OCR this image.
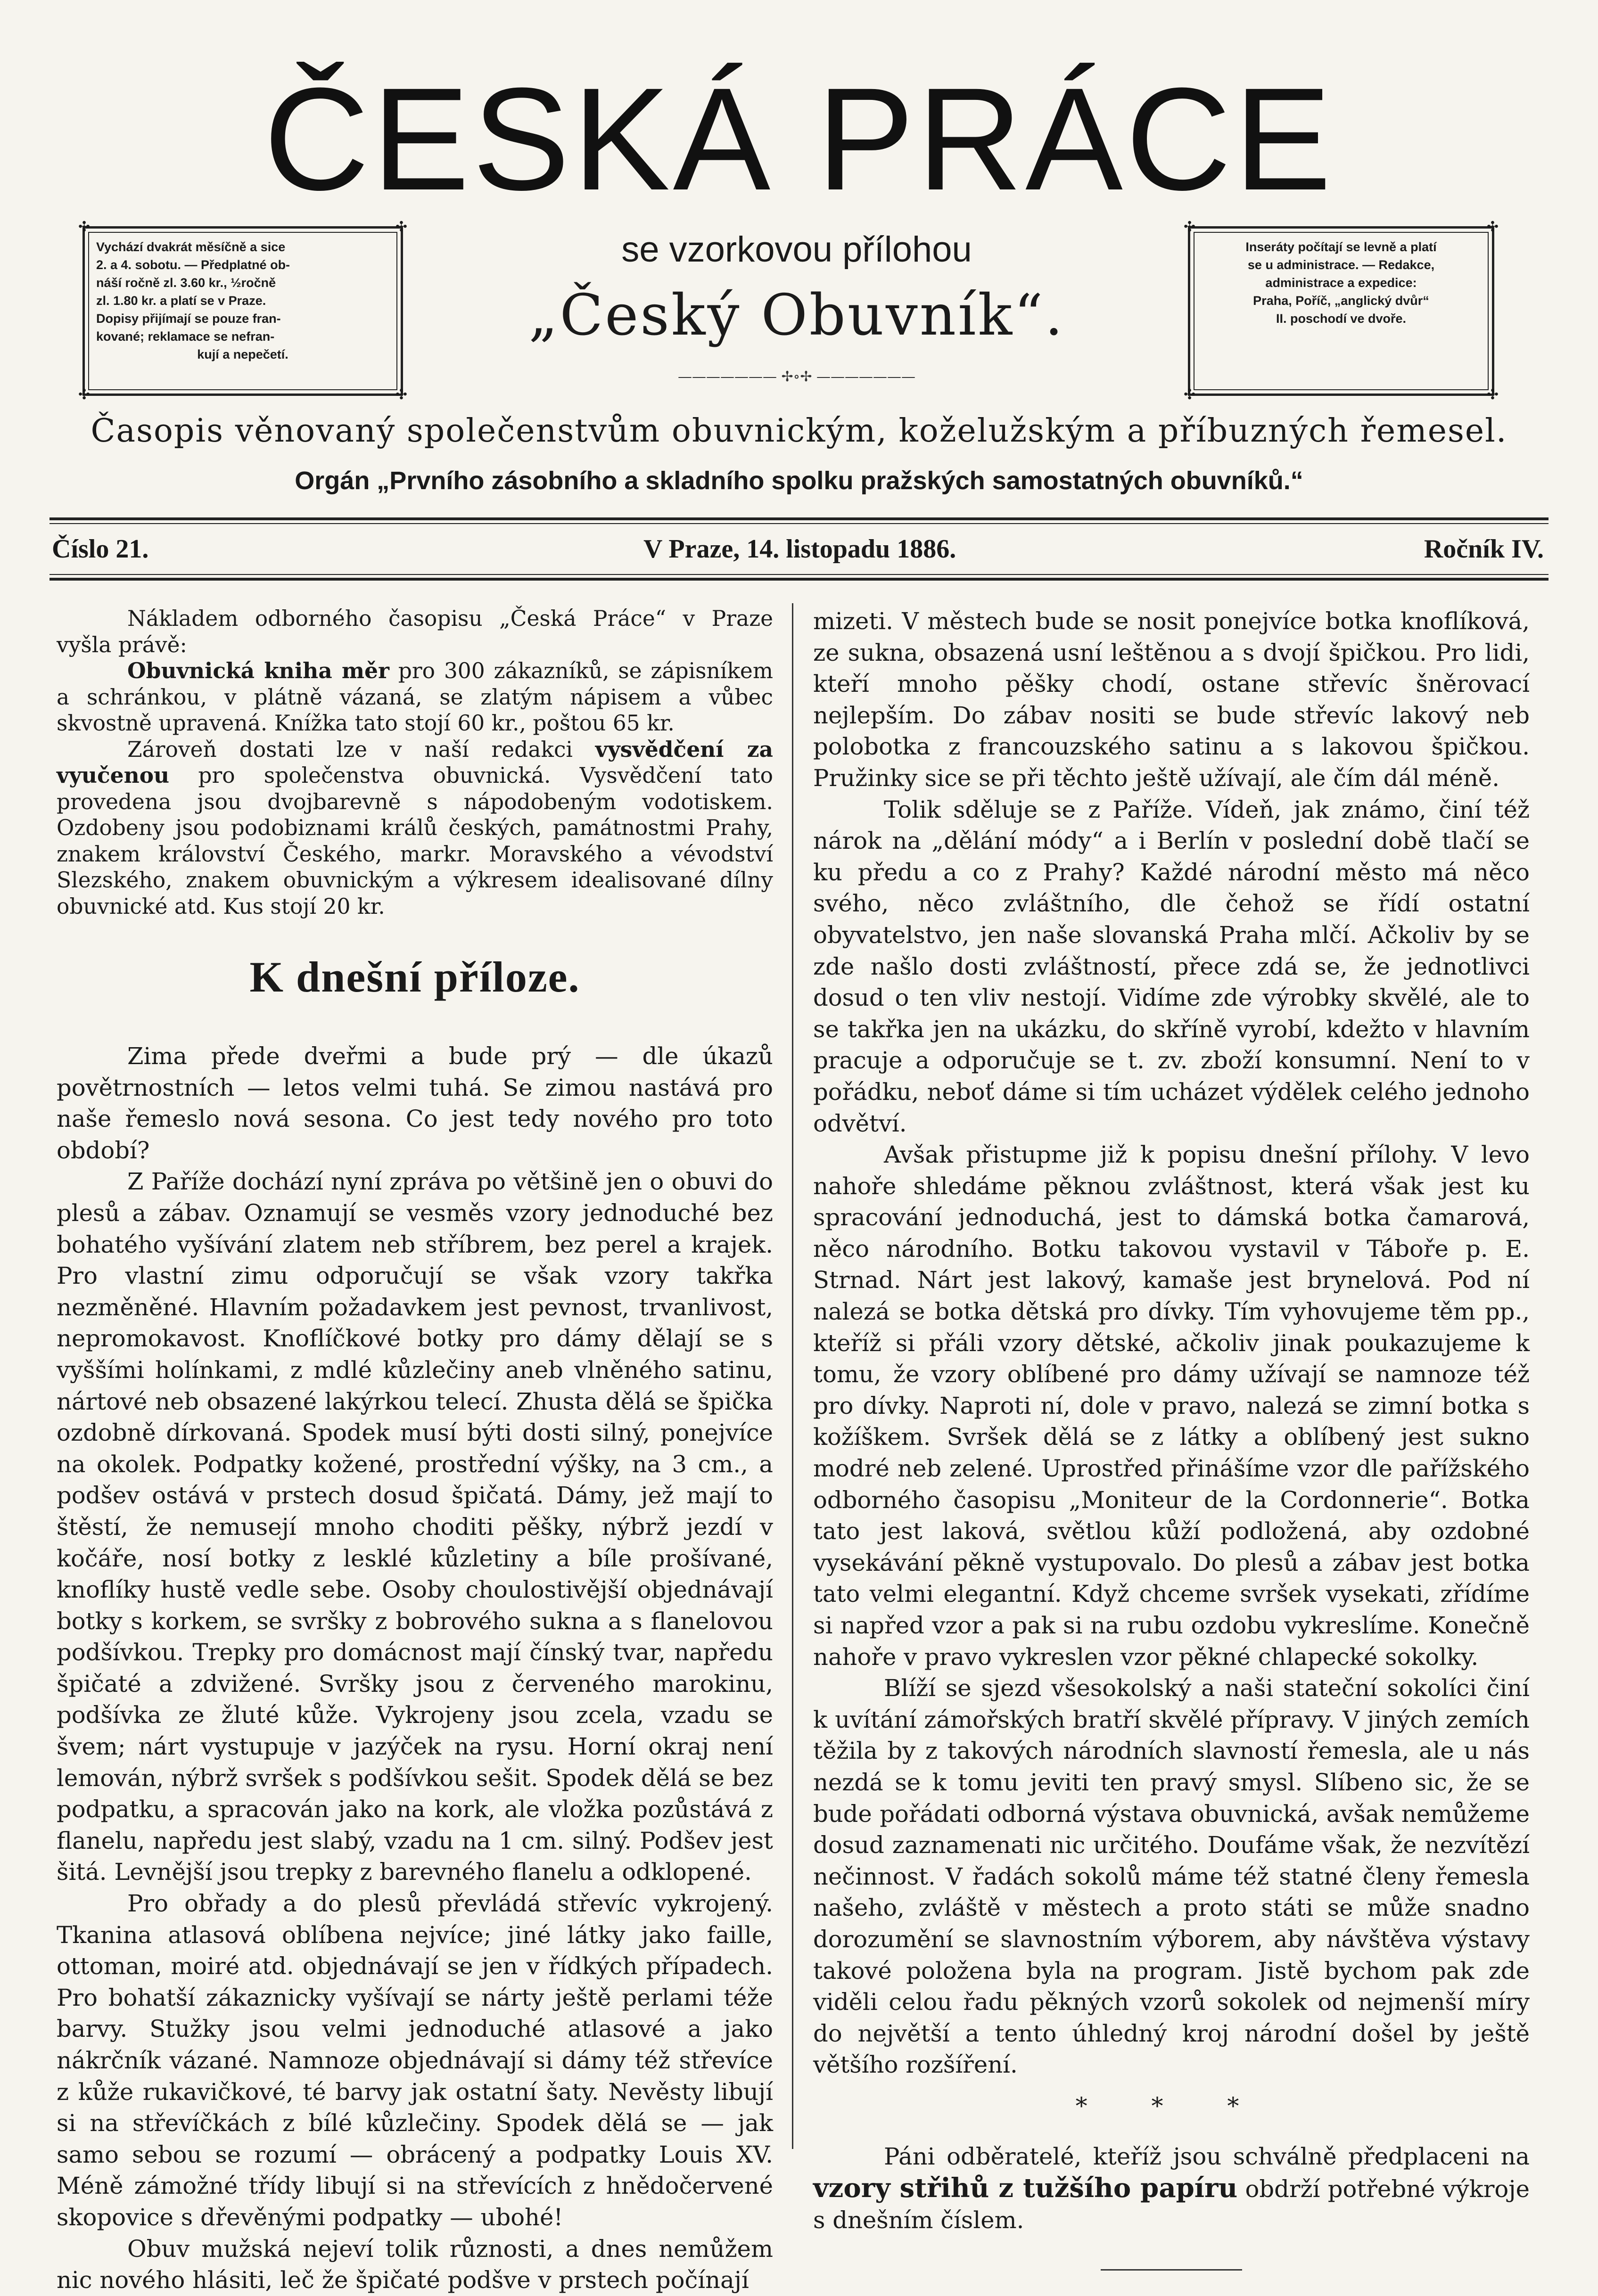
ČESKÁ PRÁCE
✣	✣
✣	✣
Vychází dvakrát měsíčně a sice
2. a 4. sobotu. — Předplatné ob-
náší ročně zl. 3.60 kr., ½ročně
zl. 1.80 kr. a platí se v Praze.
Dopisy přijímají se pouze fran-
kované; reklamace se nefran-
kují a nepečetí.
se vzorkovou přílohou
„Český Obuvník“.
——————— ✢∘✢ ———————
✣	✣
✣	✣
Inseráty počítají se levně a platí
se u administrace. — Redakce,
administrace a expedice:
Praha, Poříč, „anglický dvůr“
II. poschodí ve dvoře.
Časopis věnovaný společenstvům obuvnickým, koželužským a příbuzných řemesel.
Orgán „Prvního zásobního a skladního spolku pražských samostatných obuvníků.“
Číslo 21.	V Praze, 14. listopadu 1886.	Ročník IV.

Nákladem odborného časopisu „Česká Práce“ v Praze vyšla právě:

Obuvnická kniha měr pro 300 zákazníků, se zápisníkem a schránkou, v plátně vázaná, se zlatým nápisem a vůbec skvostně upravená. Knížka tato stojí 60 kr., poštou 65 kr.

Zároveň dostati lze v naší redakci vysvědčení za vyučenou pro společenstva obuvnická. Vysvědčení tato provedena jsou dvojbarevně s nápodobeným vodotiskem. Ozdobeny jsou podobiznami králů českých, památnostmi Prahy, znakem království Českého, markr. Moravského a vévodství Slezského, znakem obuvnickým a výkresem idealisované dílny obuvnické atd. Kus stojí 20 kr.

K dnešní příloze.

Zima přede dveřmi a bude prý — dle úkazů povětrnostních — letos velmi tuhá. Se zimou nastává pro naše řemeslo nová sesona. Co jest tedy nového pro toto období?

Z Paříže dochází nyní zpráva po většině jen o obuvi do plesů a zábav. Oznamují se vesměs vzory jednoduché bez bohatého vyšívání zlatem neb stříbrem, bez perel a krajek. Pro vlastní zimu odporučují se však vzory takřka nezměněné. Hlavním požadavkem jest pevnost, trvanlivost, nepromokavost. Knoflíčkové botky pro dámy dělají se s vyššími holínkami, z mdlé kůzlečiny aneb vlněného satinu, nártové neb obsazené lakýrkou telecí. Zhusta dělá se špička ozdobně dírkovaná. Spodek musí býti dosti silný, ponejvíce na okolek. Podpatky kožené, prostřední výšky, na 3 cm., a podšev ostává v prstech dosud špičatá. Dámy, jež mají to štěstí, že nemusejí mnoho choditi pěšky, nýbrž jezdí v kočáře, nosí botky z lesklé kůzletiny a bíle prošívané, knoflíky hustě vedle sebe. Osoby choulostivější objednávají botky s korkem, se svršky z bobrového sukna a s flanelovou podšívkou. Trepky pro domácnost mají čínský tvar, napředu špičaté a zdvižené. Svršky jsou z červeného marokinu, podšívka ze žluté kůže. Vykrojeny jsou zcela, vzadu se švem; nárt vystupuje v jazýček na rysu. Horní okraj není lemován, nýbrž svršek s podšívkou sešit. Spodek dělá se bez podpatku, a spracován jako na kork, ale vložka pozůstává z flanelu, napředu jest slabý, vzadu na 1 cm. silný. Podšev jest šitá. Levnější jsou trepky z barevného flanelu a odklopené.

Pro obřady a do plesů převládá střevíc vykrojený. Tkanina atlasová oblíbena nejvíce; jiné látky jako faille, ottoman, moiré atd. objednávají se jen v řídkých případech. Pro bohatší zákaznicky vyšívají se nárty ještě perlami téže barvy. Stužky jsou velmi jednoduché atlasové a jako nákrčník vázané. Namnoze objednávají si dámy též střevíce z kůže rukavičkové, té barvy jak ostatní šaty. Nevěsty libují si na střevíčkách z bílé kůzlečiny. Spodek dělá se — jak samo sebou se rozumí — obrácený a podpatky Louis XV. Méně zámožné třídy libují si na střevících z hnědočervené skopovice s dřevěnými podpatky — ubohé!

Obuv mužská nejeví tolik různosti, a dnes nemůžem nic nového hlásiti, leč že špičaté podšve v prstech počínají

mizeti. V městech bude se nosit ponejvíce botka knoflíková, ze sukna, obsazená usní leštěnou a s dvojí špičkou. Pro lidi, kteří mnoho pěšky chodí, ostane střevíc šněrovací nejlepším. Do zábav nositi se bude střevíc lakový neb polobotka z francouzského satinu a s lakovou špičkou. Pružinky sice se při těchto ještě užívají, ale čím dál méně.

Tolik sděluje se z Paříže. Vídeň, jak známo, činí též nárok na „dělání módy“ a i Berlín v poslední době tlačí se ku předu a co z Prahy? Každé národní město má něco svého, něco zvláštního, dle čehož se řídí ostatní obyvatelstvo, jen naše slovanská Praha mlčí. Ačkoliv by se zde našlo dosti zvláštností, přece zdá se, že jednotlivci dosud o ten vliv nestojí. Vidíme zde výrobky skvělé, ale to se takřka jen na ukázku, do skříně vyrobí, kdežto v hlavním pracuje a odporučuje se t. zv. zboží konsumní. Není to v pořádku, neboť dáme si tím ucházet výdělek celého jednoho odvětví.

Avšak přistupme již k popisu dnešní přílohy. V levo nahoře shledáme pěknou zvláštnost, která však jest ku spracování jednoduchá, jest to dámská botka čamarová, něco národního. Botku takovou vystavil v Táboře p. E. Strnad. Nárt jest lakový, kamaše jest brynelová. Pod ní nalezá se botka dětská pro dívky. Tím vyhovujeme těm pp., kteříž si přáli vzory dětské, ačkoliv jinak poukazujeme k tomu, že vzory oblíbené pro dámy užívají se namnoze též pro dívky. Naproti ní, dole v pravo, nalezá se zimní botka s kožíškem. Svršek dělá se z látky a oblíbený jest sukno modré neb zelené. Uprostřed přinášíme vzor dle pařížského odborného časopisu „Moniteur de la Cordonnerie“. Botka tato jest laková, světlou kůží podložená, aby ozdobné vysekávání pěkně vystupovalo. Do plesů a zábav jest botka tato velmi elegantní. Když chceme svršek vysekati, zřídíme si napřed vzor a pak si na rubu ozdobu vykreslíme. Konečně nahoře v pravo vykreslen vzor pěkné chlapecké sokolky.

Blíží se sjezd všesokolský a naši stateční sokolíci činí k uvítání zámořských bratří skvělé přípravy. V jiných zemích těžila by z takových národních slavností řemesla, ale u nás nezdá se k tomu jeviti ten pravý smysl. Slíbeno sic, že se bude pořádati odborná výstava obuvnická, avšak nemůžeme dosud zaznamenati nic určitého. Doufáme však, že nezvítězí nečinnost. V řadách sokolů máme též statné členy řemesla našeho, zvláště v městech a proto státi se může snadno dorozumění se slavnostním výborem, aby návštěva výstavy takové položena byla na program. Jistě bychom pak zde viděli celou řadu pěkných vzorů sokolek od nejmenší míry do největší a tento úhledný kroj národní došel by ještě většího rozšíření.

* * *

Páni odběratelé, kteříž jsou schválně předplaceni na vzory střihů z tužšího papíru obdrží potřebné výkroje s dnešním číslem.
